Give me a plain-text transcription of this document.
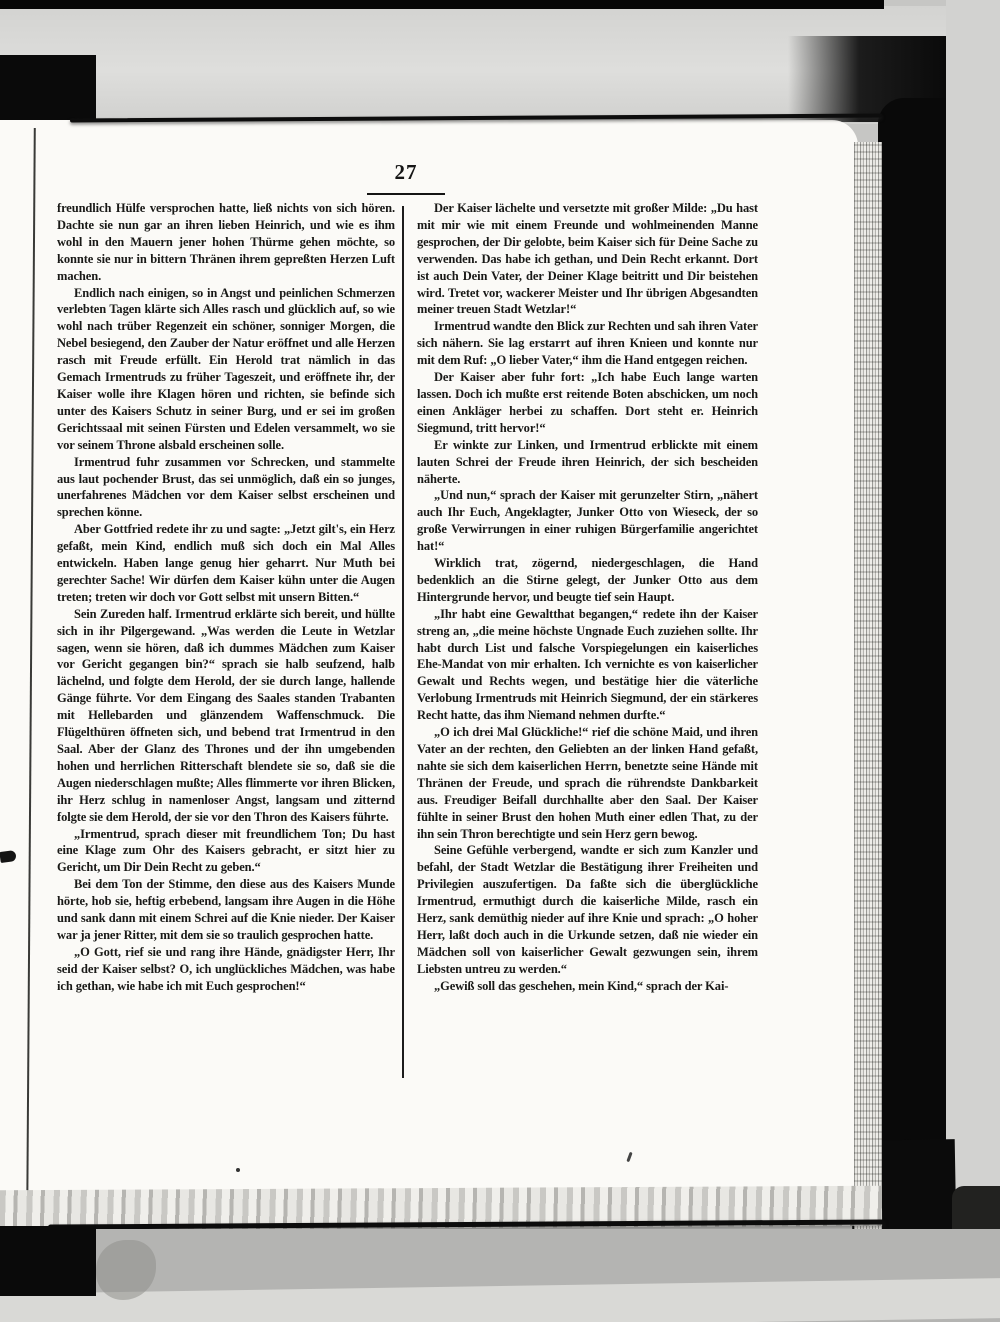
27

freundlich Hülfe versprochen hatte, ließ nichts von sich hören. Dachte sie nun gar an ihren lieben Heinrich, und wie es ihm wohl in den Mauern jener hohen Thürme gehen möchte, so konnte sie nur in bittern Thränen ihrem gepreßten Herzen Luft machen.

Endlich nach einigen, so in Angst und peinlichen Schmerzen verlebten Tagen klärte sich Alles rasch und glücklich auf, so wie wohl nach trüber Regenzeit ein schöner, sonniger Morgen, die Nebel besiegend, den Zauber der Natur eröffnet und alle Herzen rasch mit Freude erfüllt. Ein Herold trat nämlich in das Gemach Irmentruds zu früher Tageszeit, und eröffnete ihr, der Kaiser wolle ihre Klagen hören und richten, sie befinde sich unter des Kaisers Schutz in seiner Burg, und er sei im großen Gerichtssaal mit seinen Fürsten und Edelen versammelt, wo sie vor seinem Throne alsbald erscheinen solle.

Irmentrud fuhr zusammen vor Schrecken, und stammelte aus laut pochender Brust, das sei unmöglich, daß ein so junges, unerfahrenes Mädchen vor dem Kaiser selbst erscheinen und sprechen könne.

Aber Gottfried redete ihr zu und sagte: „Jetzt gilt's, ein Herz gefaßt, mein Kind, endlich muß sich doch ein Mal Alles entwickeln. Haben lange genug hier geharrt. Nur Muth bei gerechter Sache! Wir dürfen dem Kaiser kühn unter die Augen treten; treten wir doch vor Gott selbst mit unsern Bitten.“

Sein Zureden half. Irmentrud erklärte sich bereit, und hüllte sich in ihr Pilgergewand. „Was werden die Leute in Wetzlar sagen, wenn sie hören, daß ich dummes Mädchen zum Kaiser vor Gericht gegangen bin?“ sprach sie halb seufzend, halb lächelnd, und folgte dem Herold, der sie durch lange, hallende Gänge führte. Vor dem Eingang des Saales standen Trabanten mit Hellebarden und glänzendem Waffenschmuck. Die Flügelthüren öffneten sich, und bebend trat Irmentrud in den Saal. Aber der Glanz des Thrones und der ihn umgebenden hohen und herrlichen Ritterschaft blendete sie so, daß sie die Augen niederschlagen mußte; Alles flimmerte vor ihren Blicken, ihr Herz schlug in namenloser Angst, langsam und zitternd folgte sie dem Herold, der sie vor den Thron des Kaisers führte.

„Irmentrud, sprach dieser mit freundlichem Ton; Du hast eine Klage zum Ohr des Kaisers gebracht, er sitzt hier zu Gericht, um Dir Dein Recht zu geben.“

Bei dem Ton der Stimme, den diese aus des Kaisers Munde hörte, hob sie, heftig erbebend, langsam ihre Augen in die Höhe und sank dann mit einem Schrei auf die Knie nieder. Der Kaiser war ja jener Ritter, mit dem sie so traulich gesprochen hatte.

„O Gott, rief sie und rang ihre Hände, gnädigster Herr, Ihr seid der Kaiser selbst? O, ich unglückliches Mädchen, was habe ich gethan, wie habe ich mit Euch gesprochen!“

Der Kaiser lächelte und versetzte mit großer Milde: „Du hast mit mir wie mit einem Freunde und wohlmeinenden Manne gesprochen, der Dir gelobte, beim Kaiser sich für Deine Sache zu verwenden. Das habe ich gethan, und Dein Recht erkannt. Dort ist auch Dein Vater, der Deiner Klage beitritt und Dir beistehen wird. Tretet vor, wackerer Meister und Ihr übrigen Abgesandten meiner treuen Stadt Wetzlar!“

Irmentrud wandte den Blick zur Rechten und sah ihren Vater sich nähern. Sie lag erstarrt auf ihren Knieen und konnte nur mit dem Ruf: „O lieber Vater,“ ihm die Hand entgegen reichen.

Der Kaiser aber fuhr fort: „Ich habe Euch lange warten lassen. Doch ich mußte erst reitende Boten abschicken, um noch einen Ankläger herbei zu schaffen. Dort steht er. Heinrich Siegmund, tritt hervor!“

Er winkte zur Linken, und Irmentrud erblickte mit einem lauten Schrei der Freude ihren Heinrich, der sich bescheiden näherte.

„Und nun,“ sprach der Kaiser mit gerunzelter Stirn, „nähert auch Ihr Euch, Angeklagter, Junker Otto von Wieseck, der so große Verwirrungen in einer ruhigen Bürgerfamilie angerichtet hat!“

Wirklich trat, zögernd, niedergeschlagen, die Hand bedenklich an die Stirne gelegt, der Junker Otto aus dem Hintergrunde hervor, und beugte tief sein Haupt.

„Ihr habt eine Gewaltthat begangen,“ redete ihn der Kaiser streng an, „die meine höchste Ungnade Euch zuziehen sollte. Ihr habt durch List und falsche Vorspiegelungen ein kaiserliches Ehe-Mandat von mir erhalten. Ich vernichte es von kaiserlicher Gewalt und Rechts wegen, und bestätige hier die väterliche Verlobung Irmentruds mit Heinrich Siegmund, der ein stärkeres Recht hatte, das ihm Niemand nehmen durfte.“

„O ich drei Mal Glückliche!“ rief die schöne Maid, und ihren Vater an der rechten, den Geliebten an der linken Hand gefaßt, nahte sie sich dem kaiserlichen Herrn, benetzte seine Hände mit Thränen der Freude, und sprach die rührendste Dankbarkeit aus. Freudiger Beifall durchhallte aber den Saal. Der Kaiser fühlte in seiner Brust den hohen Muth einer edlen That, zu der ihn sein Thron berechtigte und sein Herz gern bewog.

Seine Gefühle verbergend, wandte er sich zum Kanzler und befahl, der Stadt Wetzlar die Bestätigung ihrer Freiheiten und Privilegien auszufertigen. Da faßte sich die überglückliche Irmentrud, ermuthigt durch die kaiserliche Milde, rasch ein Herz, sank demüthig nieder auf ihre Knie und sprach: „O hoher Herr, laßt doch auch in die Urkunde setzen, daß nie wieder ein Mädchen soll von kaiserlicher Gewalt gezwungen sein, ihrem Liebsten untreu zu werden.“

„Gewiß soll das geschehen, mein Kind,“ sprach der Kai-
